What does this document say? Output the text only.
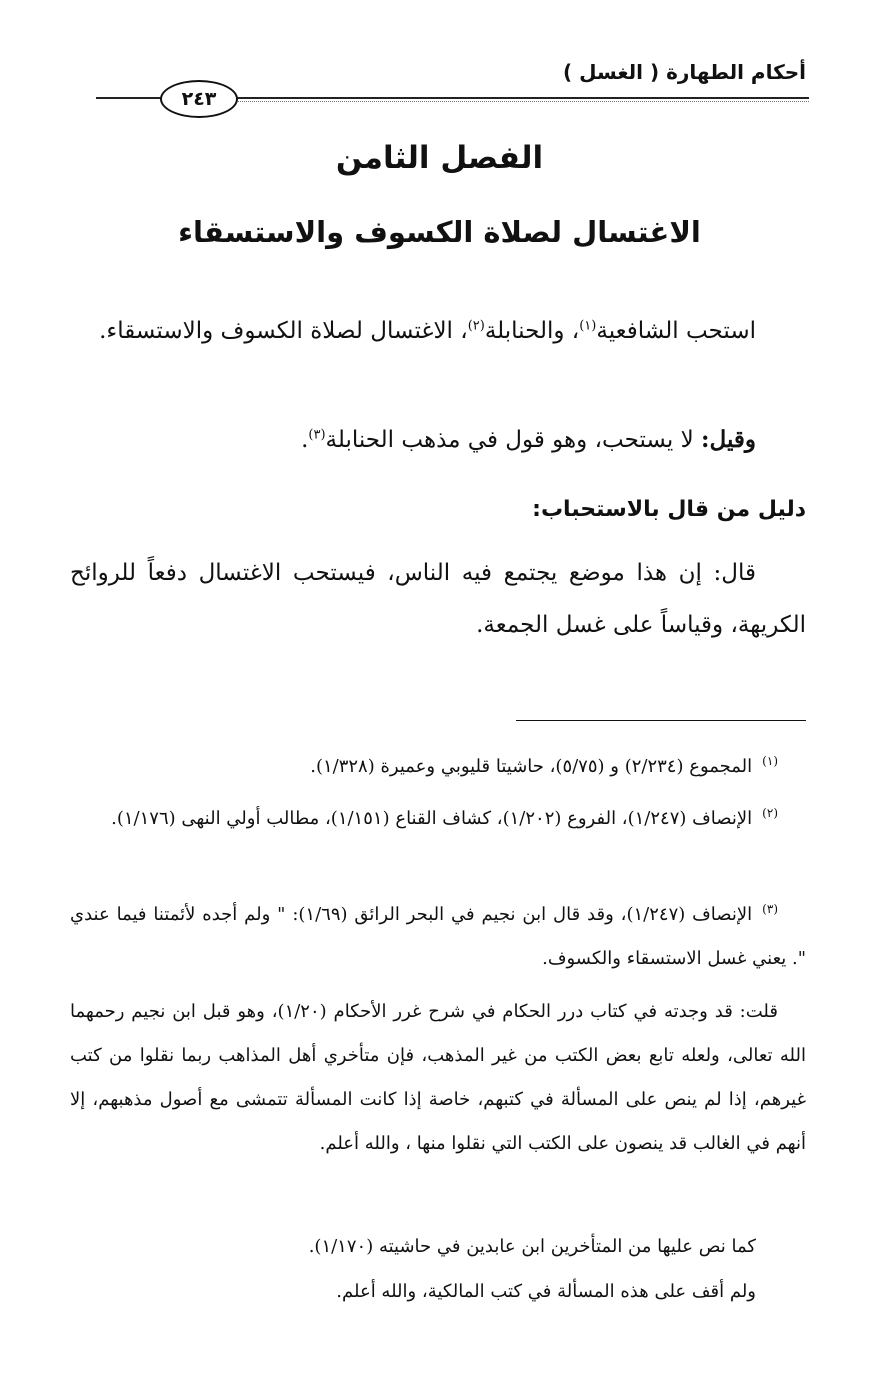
أحكام الطهارة ( الغسل )
٢٤٣
الفصل الثامن
الاغتسال لصلاة الكسوف والاستسقاء
استحب الشافعية$^{(١)}$، والحنابلة$^{(٢)}$، الاغتسال لصلاة الكسوف والاستسقاء.
وقيل: لا يستحب، وهو قول في مذهب الحنابلة$^{(٣)}$.
دليل من قال بالاستحباب:
قال: إن هذا موضع يجتمع فيه الناس، فيستحب الاغتسال دفعاً للروائح الكريهة، وقياساً على غسل الجمعة.
$^{(١)}$المجموع (٢/٢٣٤) و (٥/٧٥)، حاشيتا قليوبي وعميرة (١/٣٢٨).
$^{(٢)}$الإنصاف (١/٢٤٧)، الفروع (١/٢٠٢)، كشاف القناع (١/١٥١)، مطالب أولي النهى (١/١٧٦).
$^{(٣)}$الإنصاف (١/٢٤٧)، وقد قال ابن نجيم في البحر الرائق (١/٦٩): " ولم أجده لأئمتنا فيما عندي ". يعني غسل الاستسقاء والكسوف.
قلت: قد وجدته في كتاب درر الحكام في شرح غرر الأحكام (١/٢٠)، وهو قبل ابن نجيم رحمهما الله تعالى، ولعله تابع بعض الكتب من غير المذهب، فإن متأخري أهل المذاهب ربما نقلوا من كتب غيرهم، إذا لم ينص على المسألة في كتبهم، خاصة إذا كانت المسألة تتمشى مع أصول مذهبهم، إلا أنهم في الغالب قد ينصون على الكتب التي نقلوا منها ، والله أعلم.
كما نص عليها من المتأخرين ابن عابدين في حاشيته (١/١٧٠).
ولم أقف على هذه المسألة في كتب المالكية، والله أعلم.
